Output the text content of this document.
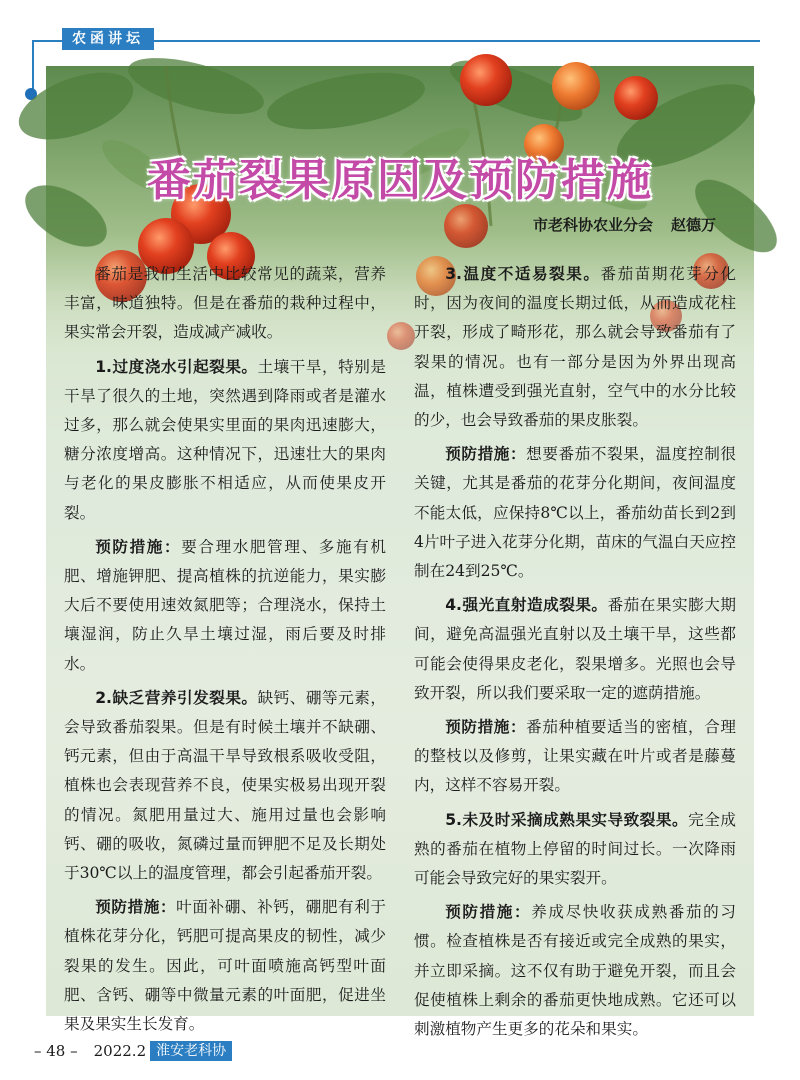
农函讲坛
番茄裂果原因及预防措施
市老科协农业分会 赵德万

番茄是我们生活中比较常见的蔬菜，营养丰富，味道独特。但是在番茄的栽种过程中，果实常会开裂，造成减产减收。

1.过度浇水引起裂果。土壤干旱，特别是干旱了很久的土地，突然遇到降雨或者是灌水过多，那么就会使果实里面的果肉迅速膨大，糖分浓度增高。这种情况下，迅速壮大的果肉与老化的果皮膨胀不相适应，从而使果皮开裂。

预防措施：要合理水肥管理、多施有机肥、增施钾肥、提高植株的抗逆能力，果实膨大后不要使用速效氮肥等；合理浇水，保持土壤湿润，防止久旱土壤过湿，雨后要及时排水。

2.缺乏营养引发裂果。缺钙、硼等元素，会导致番茄裂果。但是有时候土壤并不缺硼、钙元素，但由于高温干旱导致根系吸收受阻，植株也会表现营养不良，使果实极易出现开裂的情况。氮肥用量过大、施用过量也会影响钙、硼的吸收，氮磷过量而钾肥不足及长期处于30℃以上的温度管理，都会引起番茄开裂。

预防措施：叶面补硼、补钙，硼肥有利于植株花芽分化，钙肥可提高果皮的韧性，减少裂果的发生。因此，可叶面喷施高钙型叶面肥、含钙、硼等中微量元素的叶面肥，促进坐果及果实生长发育。

3.温度不适易裂果。番茄苗期花芽分化时，因为夜间的温度长期过低，从而造成花柱开裂，形成了畸形花，那么就会导致番茄有了裂果的情况。也有一部分是因为外界出现高温，植株遭受到强光直射，空气中的水分比较的少，也会导致番茄的果皮胀裂。

预防措施：想要番茄不裂果，温度控制很关键，尤其是番茄的花芽分化期间，夜间温度不能太低，应保持8℃以上，番茄幼苗长到2到4片叶子进入花芽分化期，苗床的气温白天应控制在24到25℃。

4.强光直射造成裂果。番茄在果实膨大期间，避免高温强光直射以及土壤干旱，这些都可能会使得果皮老化，裂果增多。光照也会导致开裂，所以我们要采取一定的遮荫措施。

预防措施：番茄种植要适当的密植，合理的整枝以及修剪，让果实藏在叶片或者是藤蔓内，这样不容易开裂。

5.未及时采摘成熟果实导致裂果。完全成熟的番茄在植物上停留的时间过长。一次降雨可能会导致完好的果实裂开。

预防措施：养成尽快收获成熟番茄的习惯。检查植株是否有接近或完全成熟的果实，并立即采摘。这不仅有助于避免开裂，而且会促使植株上剩余的番茄更快地成熟。它还可以刺激植物产生更多的花朵和果实。

– 48 – 2022.2 淮安老科协
